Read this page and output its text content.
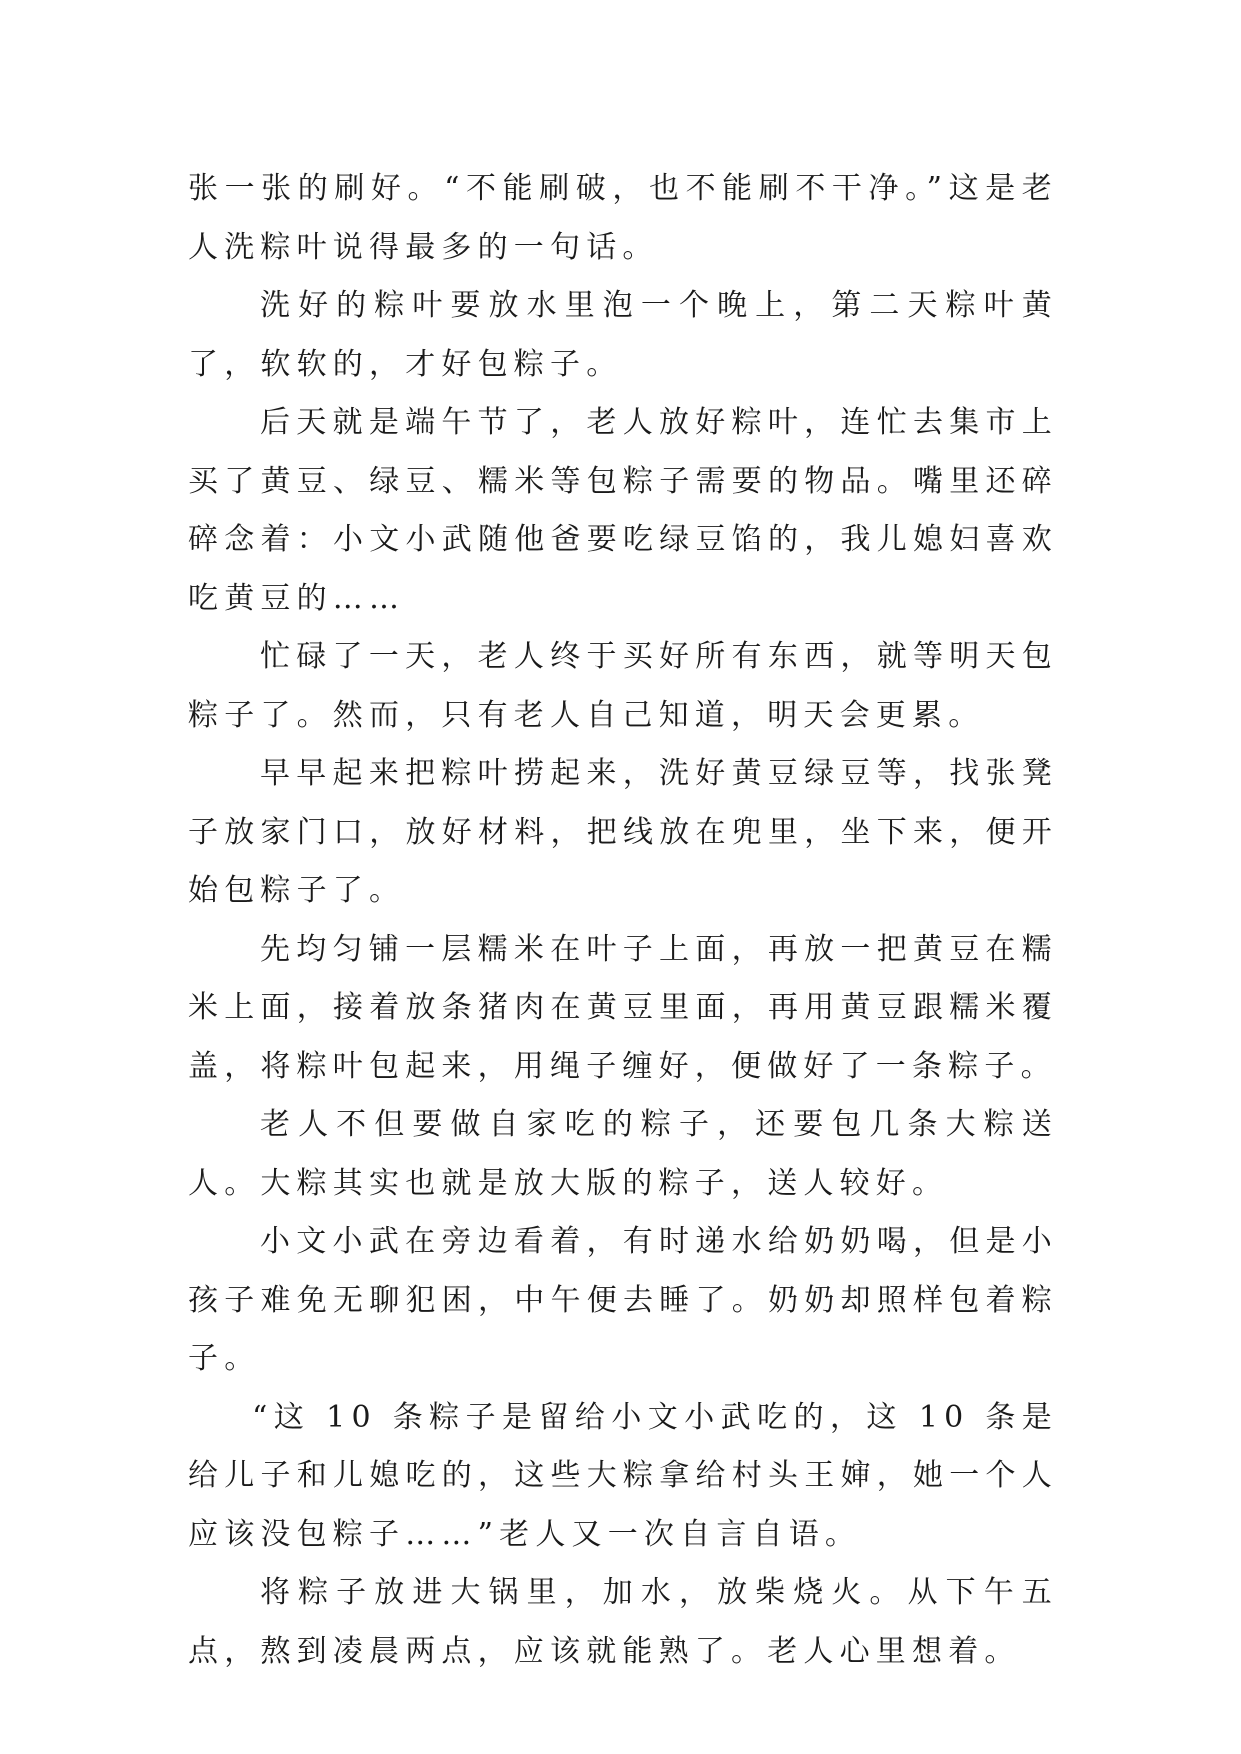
张一张的刷好。“不能刷破，也不能刷不干净。”这是老人洗粽叶说得最多的一句话。

洗好的粽叶要放水里泡一个晚上，第二天粽叶黄了，软软的，才好包粽子。

后天就是端午节了，老人放好粽叶，连忙去集市上买了黄豆、绿豆、糯米等包粽子需要的物品。嘴里还碎碎念着：小文小武随他爸要吃绿豆馅的，我儿媳妇喜欢吃黄豆的……

忙碌了一天，老人终于买好所有东西，就等明天包粽子了。然而，只有老人自己知道，明天会更累。

早早起来把粽叶捞起来，洗好黄豆绿豆等，找张凳子放家门口，放好材料，把线放在兜里，坐下来，便开始包粽子了。

先均匀铺一层糯米在叶子上面，再放一把黄豆在糯米上面，接着放条猪肉在黄豆里面，再用黄豆跟糯米覆盖，将粽叶包起来，用绳子缠好，便做好了一条粽子。

老人不但要做自家吃的粽子，还要包几条大粽送人。大粽其实也就是放大版的粽子，送人较好。

小文小武在旁边看着，有时递水给奶奶喝，但是小孩子难免无聊犯困，中午便去睡了。奶奶却照样包着粽子。

“这 10 条粽子是留给小文小武吃的，这 10 条是给儿子和儿媳吃的，这些大粽拿给村头王婶，她一个人应该没包粽子……”老人又一次自言自语。

将粽子放进大锅里，加水，放柴烧火。从下午五点，熬到凌晨两点，应该就能熟了。老人心里想着。
